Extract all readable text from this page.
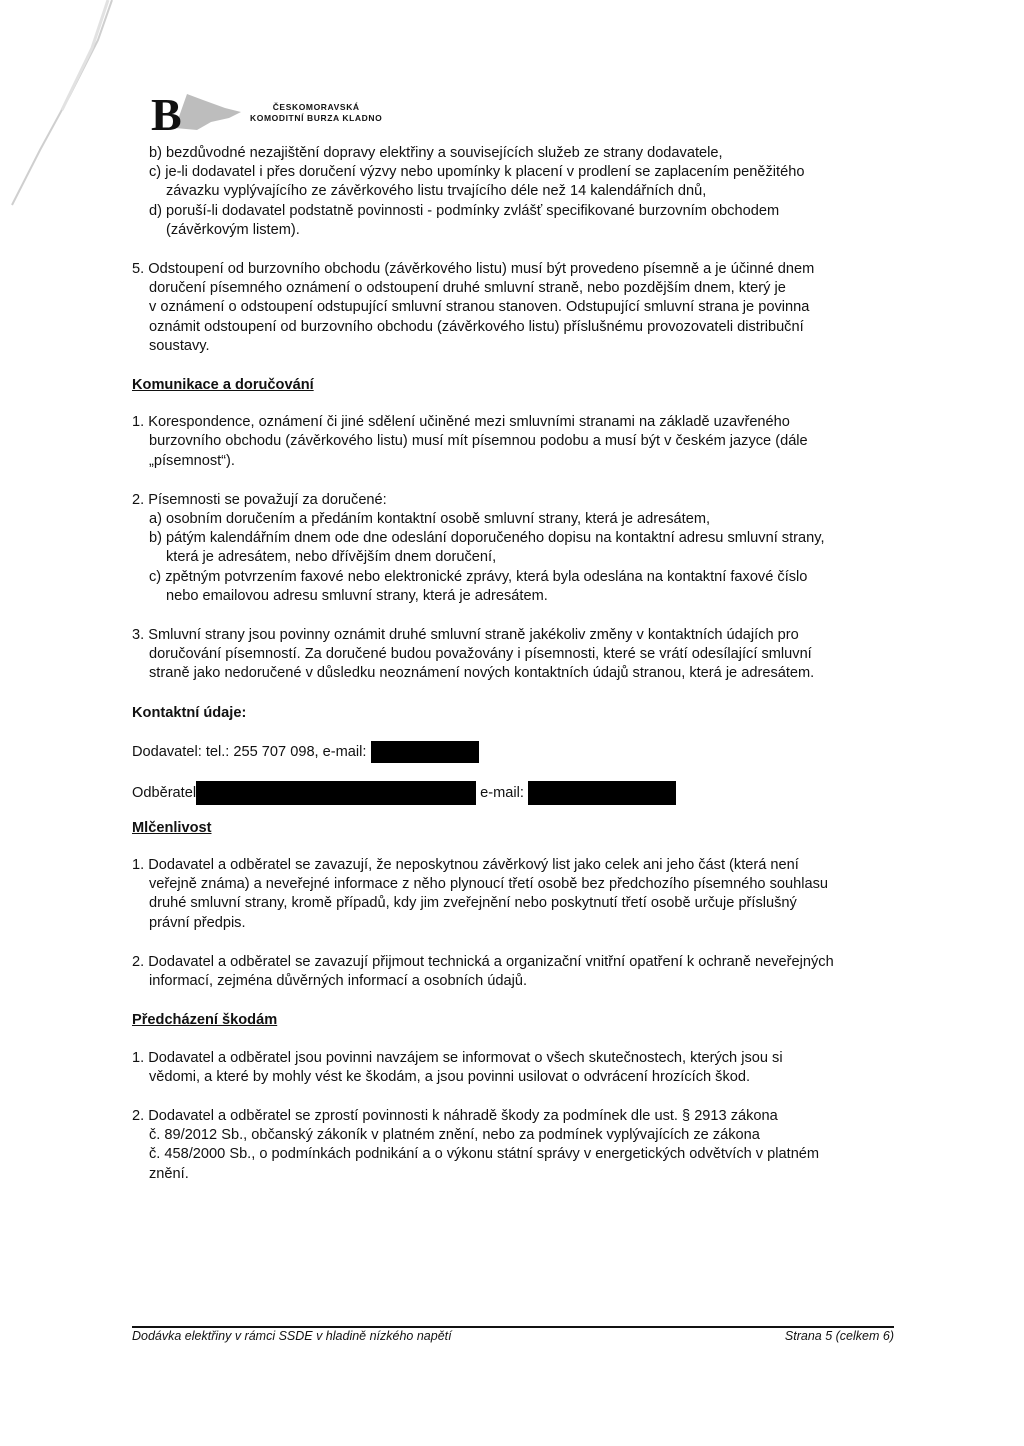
B	ČESKOMORAVSKÁ
KOMODITNÍ BURZA KLADNO
b) bezdůvodné nezajištění dopravy elektřiny a souvisejících služeb ze strany dodavatele,
c) je-li dodavatel i přes doručení výzvy nebo upomínky k placení v prodlení se zaplacením peněžitého
závazku vyplývajícího ze závěrkového listu trvajícího déle než 14 kalendářních dnů,
d) poruší-li dodavatel podstatně povinnosti - podmínky zvlášť specifikované burzovním obchodem
(závěrkovým listem).
5. Odstoupení od burzovního obchodu (závěrkového listu) musí být provedeno písemně a je účinné dnem
doručení písemného oznámení o odstoupení druhé smluvní straně, nebo pozdějším dnem, který je
v oznámení o odstoupení odstupující smluvní stranou stanoven. Odstupující smluvní strana je povinna
oznámit odstoupení od burzovního obchodu (závěrkového listu) příslušnému provozovateli distribuční
soustavy.
Komunikace a doručování
1. Korespondence, oznámení či jiné sdělení učiněné mezi smluvními stranami na základě uzavřeného
burzovního obchodu (závěrkového listu) musí mít písemnou podobu a musí být v českém jazyce (dále
„písemnost“).
2. Písemnosti se považují za doručené:
a) osobním doručením a předáním kontaktní osobě smluvní strany, která je adresátem,
b) pátým kalendářním dnem ode dne odeslání doporučeného dopisu na kontaktní adresu smluvní strany,
která je adresátem, nebo dřívějším dnem doručení,
c) zpětným potvrzením faxové nebo elektronické zprávy, která byla odeslána na kontaktní faxové číslo
nebo emailovou adresu smluvní strany, která je adresátem.
3. Smluvní strany jsou povinny oznámit druhé smluvní straně jakékoliv změny v kontaktních údajích pro
doručování písemností. Za doručené budou považovány i písemnosti, které se vrátí odesílající smluvní
straně jako nedoručené v důsledku neoznámení nových kontaktních údajů stranou, která je adresátem.
Kontaktní údaje:
Dodavatel: tel.: 255 707 098, e-mail:
Odběratel	e-mail:
Mlčenlivost
1. Dodavatel a odběratel se zavazují, že neposkytnou závěrkový list jako celek ani jeho část (která není
veřejně známa) a neveřejné informace z něho plynoucí třetí osobě bez předchozího písemného souhlasu
druhé smluvní strany, kromě případů, kdy jim zveřejnění nebo poskytnutí třetí osobě určuje příslušný
právní předpis.
2. Dodavatel a odběratel se zavazují přijmout technická a organizační vnitřní opatření k ochraně neveřejných
informací, zejména důvěrných informací a osobních údajů.
Předcházení škodám
1. Dodavatel a odběratel jsou povinni navzájem se informovat o všech skutečnostech, kterých jsou si
vědomi, a které by mohly vést ke škodám, a jsou povinni usilovat o odvrácení hrozících škod.
2. Dodavatel a odběratel se zprostí povinnosti k náhradě škody za podmínek dle ust. § 2913 zákona
č. 89/2012 Sb., občanský zákoník v platném znění, nebo za podmínek vyplývajících ze zákona
č. 458/2000 Sb., o podmínkách podnikání a o výkonu státní správy v energetických odvětvích v platném
znění.
Dodávka elektřiny v rámci SSDE v hladině nízkého napětí	Strana 5 (celkem 6)
